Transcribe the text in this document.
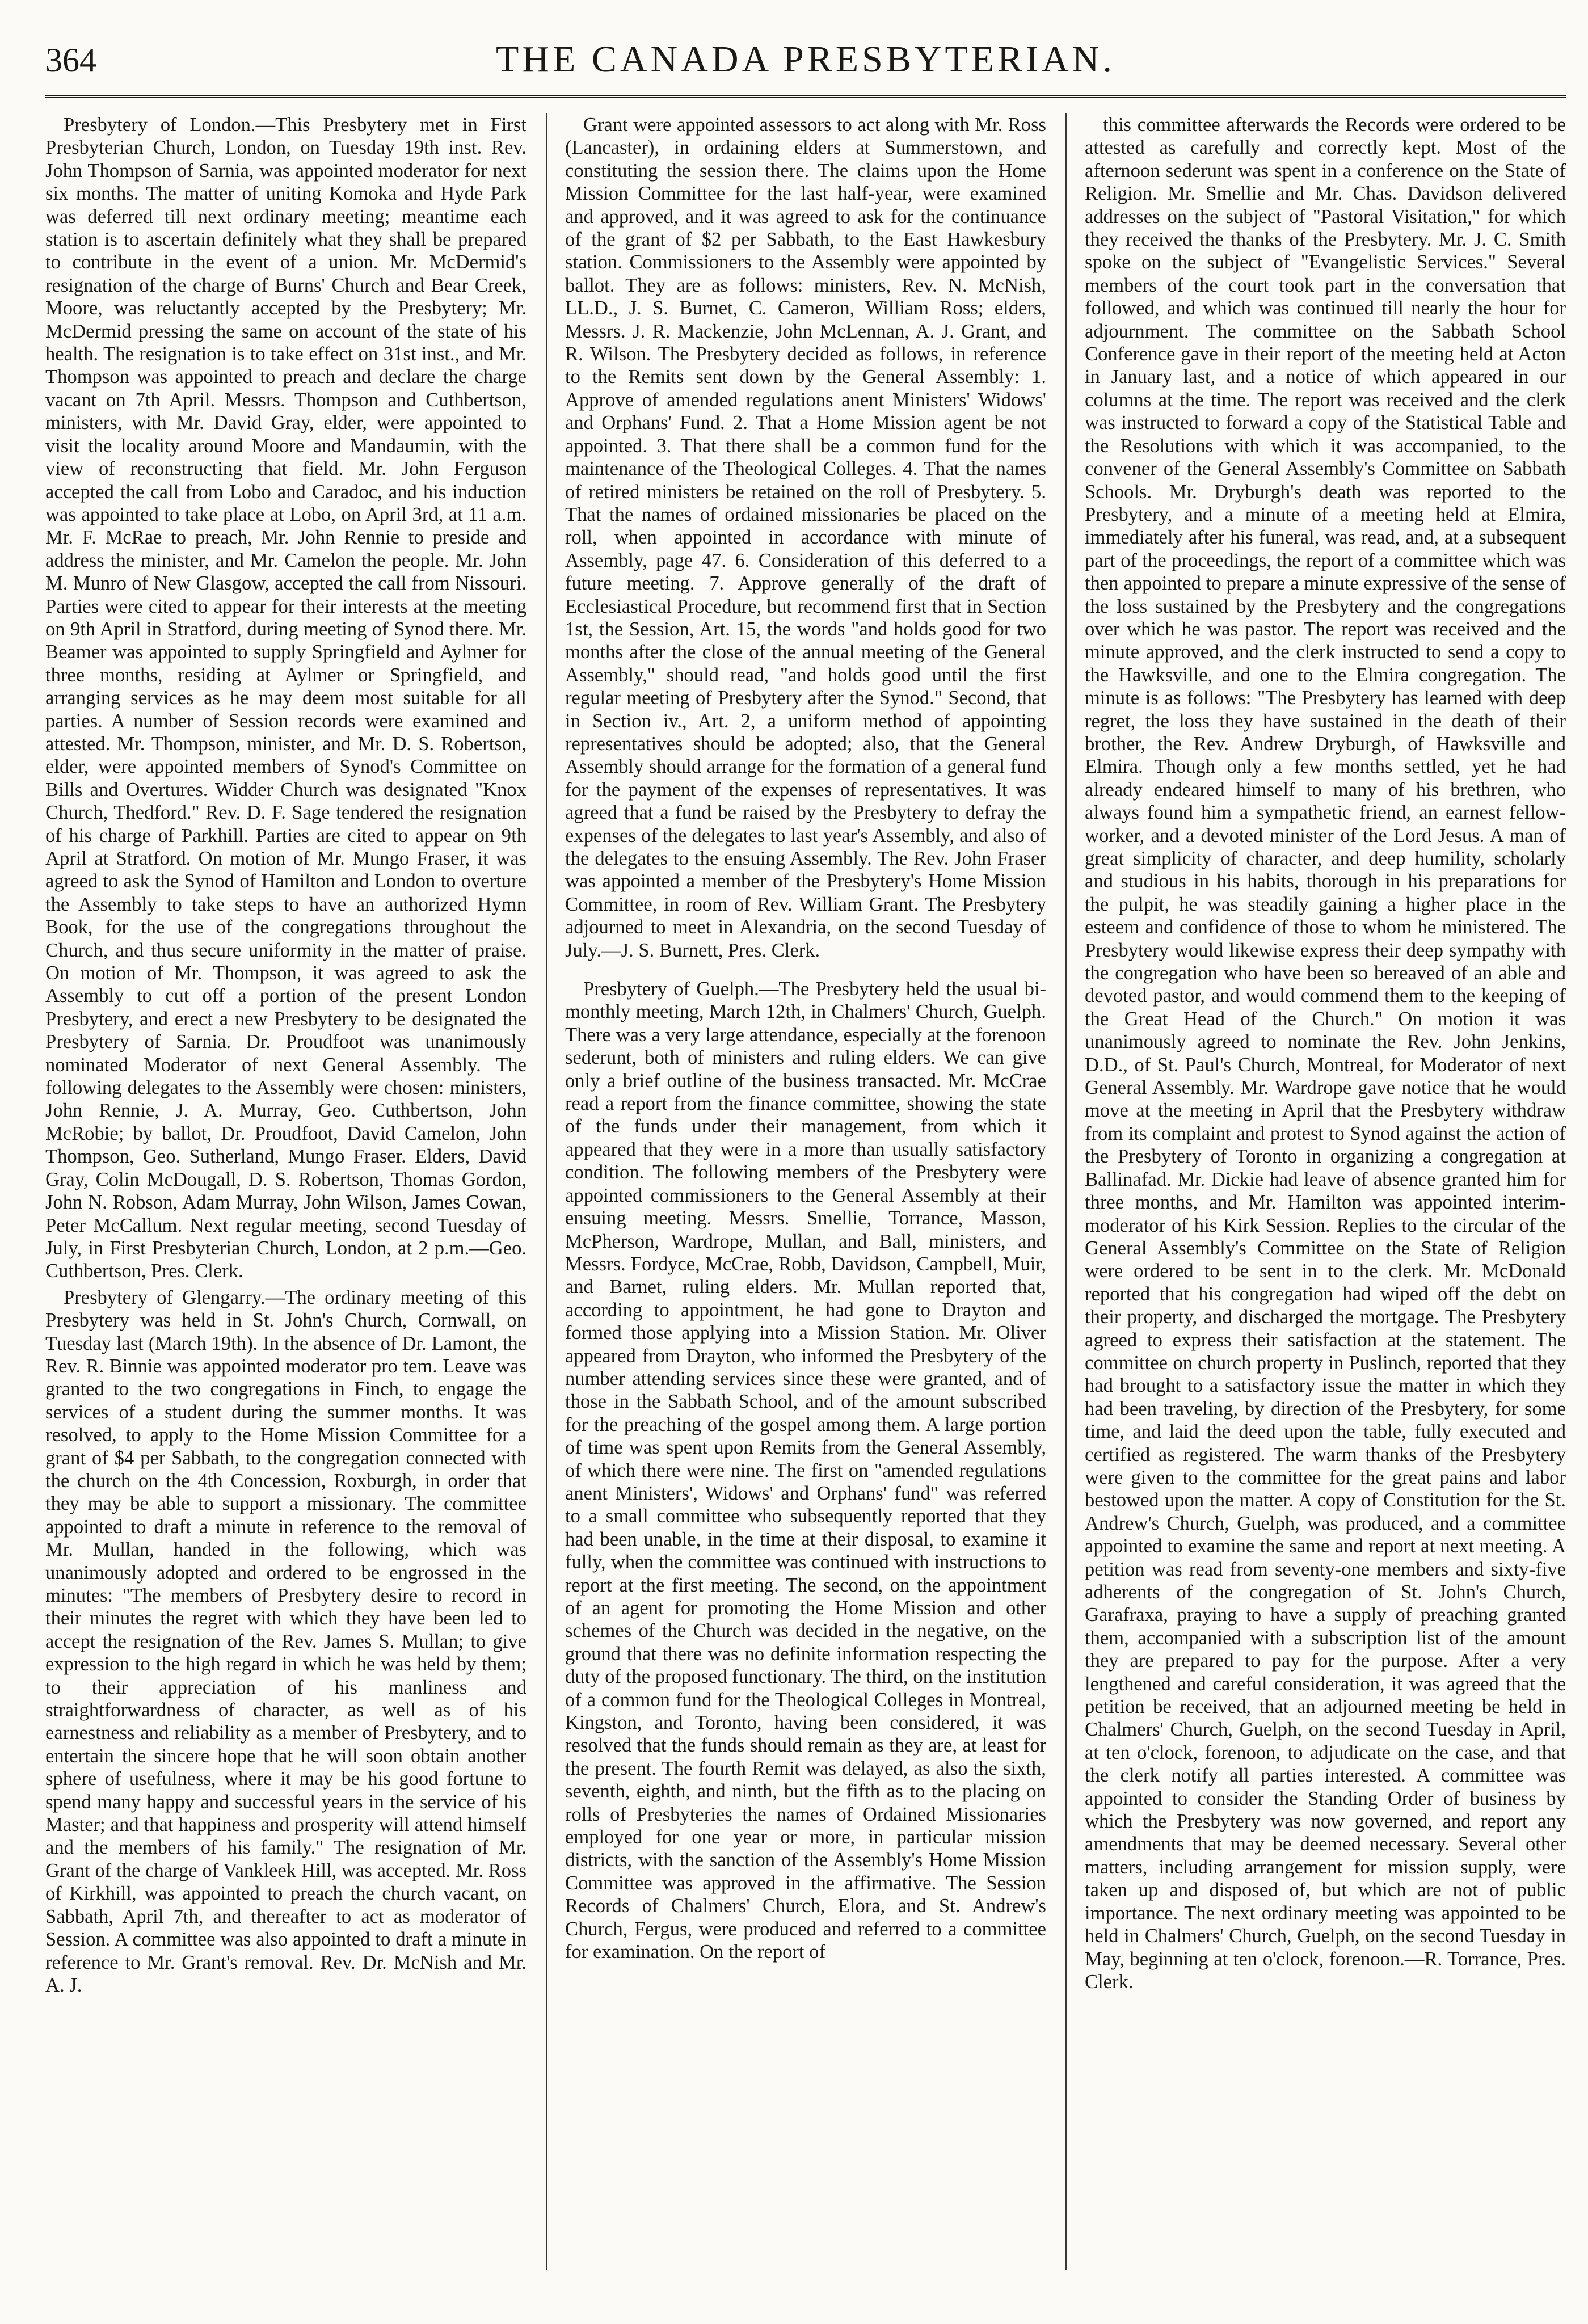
364	THE CANADA PRESBYTERIAN.

Presbytery of London.—This Presbytery met in First Presbyterian Church, London, on Tuesday 19th inst. Rev. John Thompson of Sarnia, was appointed moderator for next six months. The matter of uniting Komoka and Hyde Park was deferred till next ordinary meeting; meantime each station is to ascertain definitely what they shall be prepared to contribute in the event of a union. Mr. McDermid's resignation of the charge of Burns' Church and Bear Creek, Moore, was reluctantly accepted by the Presbytery; Mr. McDermid pressing the same on account of the state of his health. The resignation is to take effect on 31st inst., and Mr. Thompson was appointed to preach and declare the charge vacant on 7th April. Messrs. Thompson and Cuthbertson, ministers, with Mr. David Gray, elder, were appointed to visit the locality around Moore and Mandaumin, with the view of reconstructing that field. Mr. John Ferguson accepted the call from Lobo and Caradoc, and his induction was appointed to take place at Lobo, on April 3rd, at 11 a.m. Mr. F. McRae to preach, Mr. John Rennie to preside and address the minister, and Mr. Camelon the people. Mr. John M. Munro of New Glasgow, accepted the call from Nissouri. Parties were cited to appear for their interests at the meeting on 9th April in Stratford, during meeting of Synod there. Mr. Beamer was appointed to supply Springfield and Aylmer for three months, residing at Aylmer or Springfield, and arranging services as he may deem most suitable for all parties. A number of Session records were examined and attested. Mr. Thompson, minister, and Mr. D. S. Robertson, elder, were appointed members of Synod's Committee on Bills and Overtures. Widder Church was designated "Knox Church, Thedford." Rev. D. F. Sage tendered the resignation of his charge of Parkhill. Parties are cited to appear on 9th April at Stratford. On motion of Mr. Mungo Fraser, it was agreed to ask the Synod of Hamilton and London to overture the Assembly to take steps to have an authorized Hymn Book, for the use of the congregations throughout the Church, and thus secure uniformity in the matter of praise. On motion of Mr. Thompson, it was agreed to ask the Assembly to cut off a portion of the present London Presbytery, and erect a new Presbytery to be designated the Presbytery of Sarnia. Dr. Proudfoot was unanimously nominated Moderator of next General Assembly. The following delegates to the Assembly were chosen: ministers, John Rennie, J. A. Murray, Geo. Cuthbertson, John McRobie; by ballot, Dr. Proudfoot, David Camelon, John Thompson, Geo. Sutherland, Mungo Fraser. Elders, David Gray, Colin McDougall, D. S. Robertson, Thomas Gordon, John N. Robson, Adam Murray, John Wilson, James Cowan, Peter McCallum. Next regular meeting, second Tuesday of July, in First Presbyterian Church, London, at 2 p.m.—Geo. Cuthbertson, Pres. Clerk.

Presbytery of Glengarry.—The ordinary meeting of this Presbytery was held in St. John's Church, Cornwall, on Tuesday last (March 19th). In the absence of Dr. Lamont, the Rev. R. Binnie was appointed moderator pro tem. Leave was granted to the two congregations in Finch, to engage the services of a student during the summer months. It was resolved, to apply to the Home Mission Committee for a grant of $4 per Sabbath, to the congregation connected with the church on the 4th Concession, Roxburgh, in order that they may be able to support a missionary. The committee appointed to draft a minute in reference to the removal of Mr. Mullan, handed in the following, which was unanimously adopted and ordered to be engrossed in the minutes: "The members of Presbytery desire to record in their minutes the regret with which they have been led to accept the resignation of the Rev. James S. Mullan; to give expression to the high regard in which he was held by them; to their appreciation of his manliness and straightforwardness of character, as well as of his earnestness and reliability as a member of Presbytery, and to entertain the sincere hope that he will soon obtain another sphere of usefulness, where it may be his good fortune to spend many happy and successful years in the service of his Master; and that happiness and prosperity will attend himself and the members of his family." The resignation of Mr. Grant of the charge of Vankleek Hill, was accepted. Mr. Ross of Kirkhill, was appointed to preach the church vacant, on Sabbath, April 7th, and thereafter to act as moderator of Session. A committee was also appointed to draft a minute in reference to Mr. Grant's removal. Rev. Dr. McNish and Mr. A. J.

Grant were appointed assessors to act along with Mr. Ross (Lancaster), in ordaining elders at Summerstown, and constituting the session there. The claims upon the Home Mission Committee for the last half-year, were examined and approved, and it was agreed to ask for the continuance of the grant of $2 per Sabbath, to the East Hawkesbury station. Commissioners to the Assembly were appointed by ballot. They are as follows: ministers, Rev. N. McNish, LL.D., J. S. Burnet, C. Cameron, William Ross; elders, Messrs. J. R. Mackenzie, John McLennan, A. J. Grant, and R. Wilson. The Presbytery decided as follows, in reference to the Remits sent down by the General Assembly: 1. Approve of amended regulations anent Ministers' Widows' and Orphans' Fund. 2. That a Home Mission agent be not appointed. 3. That there shall be a common fund for the maintenance of the Theological Colleges. 4. That the names of retired ministers be retained on the roll of Presbytery. 5. That the names of ordained missionaries be placed on the roll, when appointed in accordance with minute of Assembly, page 47. 6. Consideration of this deferred to a future meeting. 7. Approve generally of the draft of Ecclesiastical Procedure, but recommend first that in Section 1st, the Session, Art. 15, the words "and holds good for two months after the close of the annual meeting of the General Assembly," should read, "and holds good until the first regular meeting of Presbytery after the Synod." Second, that in Section iv., Art. 2, a uniform method of appointing representatives should be adopted; also, that the General Assembly should arrange for the formation of a general fund for the payment of the expenses of representatives. It was agreed that a fund be raised by the Presbytery to defray the expenses of the delegates to last year's Assembly, and also of the delegates to the ensuing Assembly. The Rev. John Fraser was appointed a member of the Presbytery's Home Mission Committee, in room of Rev. William Grant. The Presbytery adjourned to meet in Alexandria, on the second Tuesday of July.—J. S. Burnett, Pres. Clerk.

Presbytery of Guelph.—The Presbytery held the usual bi-monthly meeting, March 12th, in Chalmers' Church, Guelph. There was a very large attendance, especially at the forenoon sederunt, both of ministers and ruling elders. We can give only a brief outline of the business transacted. Mr. McCrae read a report from the finance committee, showing the state of the funds under their management, from which it appeared that they were in a more than usually satisfactory condition. The following members of the Presbytery were appointed commissioners to the General Assembly at their ensuing meeting. Messrs. Smellie, Torrance, Masson, McPherson, Wardrope, Mullan, and Ball, ministers, and Messrs. Fordyce, McCrae, Robb, Davidson, Campbell, Muir, and Barnet, ruling elders. Mr. Mullan reported that, according to appointment, he had gone to Drayton and formed those applying into a Mission Station. Mr. Oliver appeared from Drayton, who informed the Presbytery of the number attending services since these were granted, and of those in the Sabbath School, and of the amount subscribed for the preaching of the gospel among them. A large portion of time was spent upon Remits from the General Assembly, of which there were nine. The first on "amended regulations anent Ministers', Widows' and Orphans' fund" was referred to a small committee who subsequently reported that they had been unable, in the time at their disposal, to examine it fully, when the committee was continued with instructions to report at the first meeting. The second, on the appointment of an agent for promoting the Home Mission and other schemes of the Church was decided in the negative, on the ground that there was no definite information respecting the duty of the proposed functionary. The third, on the institution of a common fund for the Theological Colleges in Montreal, Kingston, and Toronto, having been considered, it was resolved that the funds should remain as they are, at least for the present. The fourth Remit was delayed, as also the sixth, seventh, eighth, and ninth, but the fifth as to the placing on rolls of Presbyteries the names of Ordained Missionaries employed for one year or more, in particular mission districts, with the sanction of the Assembly's Home Mission Committee was approved in the affirmative. The Session Records of Chalmers' Church, Elora, and St. Andrew's Church, Fergus, were produced and referred to a committee for examination. On the report of

this committee afterwards the Records were ordered to be attested as carefully and correctly kept. Most of the afternoon sederunt was spent in a conference on the State of Religion. Mr. Smellie and Mr. Chas. Davidson delivered addresses on the subject of "Pastoral Visitation," for which they received the thanks of the Presbytery. Mr. J. C. Smith spoke on the subject of "Evangelistic Services." Several members of the court took part in the conversation that followed, and which was continued till nearly the hour for adjournment. The committee on the Sabbath School Conference gave in their report of the meeting held at Acton in January last, and a notice of which appeared in our columns at the time. The report was received and the clerk was instructed to forward a copy of the Statistical Table and the Resolutions with which it was accompanied, to the convener of the General Assembly's Committee on Sabbath Schools. Mr. Dryburgh's death was reported to the Presbytery, and a minute of a meeting held at Elmira, immediately after his funeral, was read, and, at a subsequent part of the proceedings, the report of a committee which was then appointed to prepare a minute expressive of the sense of the loss sustained by the Presbytery and the congregations over which he was pastor. The report was received and the minute approved, and the clerk instructed to send a copy to the Hawksville, and one to the Elmira congregation. The minute is as follows: "The Presbytery has learned with deep regret, the loss they have sustained in the death of their brother, the Rev. Andrew Dryburgh, of Hawksville and Elmira. Though only a few months settled, yet he had already endeared himself to many of his brethren, who always found him a sympathetic friend, an earnest fellow-worker, and a devoted minister of the Lord Jesus. A man of great simplicity of character, and deep humility, scholarly and studious in his habits, thorough in his preparations for the pulpit, he was steadily gaining a higher place in the esteem and confidence of those to whom he ministered. The Presbytery would likewise express their deep sympathy with the congregation who have been so bereaved of an able and devoted pastor, and would commend them to the keeping of the Great Head of the Church." On motion it was unanimously agreed to nominate the Rev. John Jenkins, D.D., of St. Paul's Church, Montreal, for Moderator of next General Assembly. Mr. Wardrope gave notice that he would move at the meeting in April that the Presbytery withdraw from its complaint and protest to Synod against the action of the Presbytery of Toronto in organizing a congregation at Ballinafad. Mr. Dickie had leave of absence granted him for three months, and Mr. Hamilton was appointed interim-moderator of his Kirk Session. Replies to the circular of the General Assembly's Committee on the State of Religion were ordered to be sent in to the clerk. Mr. McDonald reported that his congregation had wiped off the debt on their property, and discharged the mortgage. The Presbytery agreed to express their satisfaction at the statement. The committee on church property in Puslinch, reported that they had brought to a satisfactory issue the matter in which they had been traveling, by direction of the Presbytery, for some time, and laid the deed upon the table, fully executed and certified as registered. The warm thanks of the Presbytery were given to the committee for the great pains and labor bestowed upon the matter. A copy of Constitution for the St. Andrew's Church, Guelph, was produced, and a committee appointed to examine the same and report at next meeting. A petition was read from seventy-one members and sixty-five adherents of the congregation of St. John's Church, Garafraxa, praying to have a supply of preaching granted them, accompanied with a subscription list of the amount they are prepared to pay for the purpose. After a very lengthened and careful consideration, it was agreed that the petition be received, that an adjourned meeting be held in Chalmers' Church, Guelph, on the second Tuesday in April, at ten o'clock, forenoon, to adjudicate on the case, and that the clerk notify all parties interested. A committee was appointed to consider the Standing Order of business by which the Presbytery was now governed, and report any amendments that may be deemed necessary. Several other matters, including arrangement for mission supply, were taken up and disposed of, but which are not of public importance. The next ordinary meeting was appointed to be held in Chalmers' Church, Guelph, on the second Tuesday in May, beginning at ten o'clock, forenoon.—R. Torrance, Pres. Clerk.
